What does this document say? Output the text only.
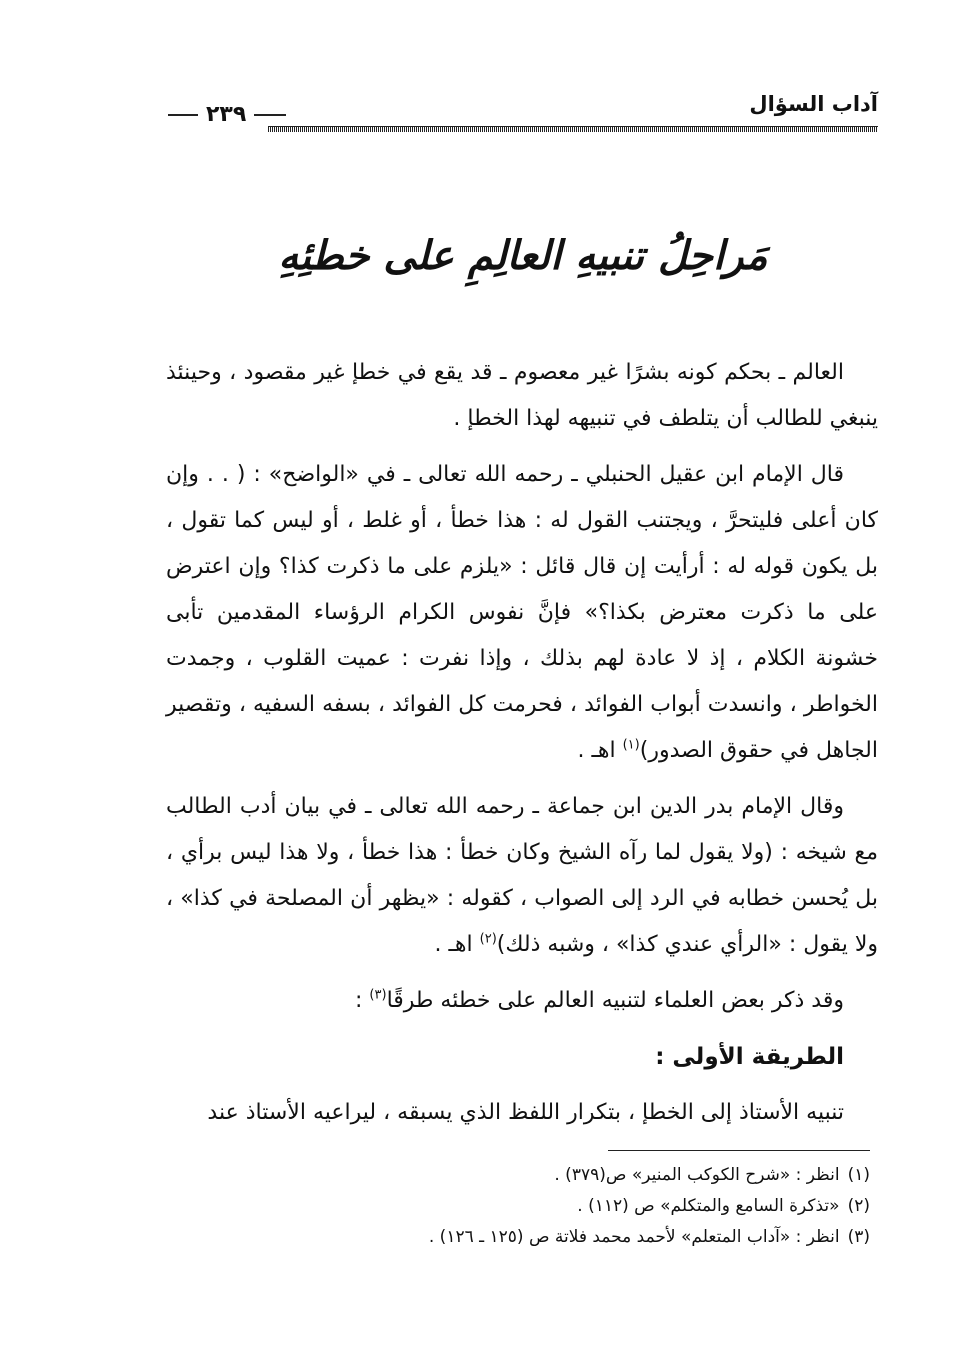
آداب السؤال
٢٣٩
مَراحِلُ تنبيهِ العالِمِ على خطئِهِ

العالم ـ بحكم كونه بشرًا غير معصوم ـ قد يقع في خطإ غير مقصود ، وحينئذ ينبغي للطالب أن يتلطف في تنبيهه لهذا الخطإ .

قال الإمام ابن عقيل الحنبلي ـ رحمه الله تعالى ـ في «الواضح» : ( . . وإن كان أعلى فليتحرَّ ، ويجتنب القول له : هذا خطأ ، أو غلط ، أو ليس كما تقول ، بل يكون قوله له : أرأيت إن قال قائل : «يلزم على ما ذكرت كذا؟ وإن اعترض على ما ذكرت معترض بكذا؟» فإنَّ نفوس الكرام الرؤساء المقدمين تأبى خشونة الكلام ، إذ لا عادة لهم بذلك ، وإذا نفرت : عميت القلوب ، وجمدت الخواطر ، وانسدت أبواب الفوائد ، فحرمت كل الفوائد ، بسفه السفيه ، وتقصير الجاهل في حقوق الصدور)$^{(١)}$ اهـ .

وقال الإمام بدر الدين ابن جماعة ـ رحمه الله تعالى ـ في بيان أدب الطالب مع شيخه : (ولا يقول لما رآه الشيخ وكان خطأ : هذا خطأ ، ولا هذا ليس برأي ، بل يُحسن خطابه في الرد إلى الصواب ، كقوله : «يظهر أن المصلحة في كذا» ، ولا يقول : «الرأي عندي كذا» ، وشبه ذلك)$^{(٢)}$ اهـ .

وقد ذكر بعض العلماء لتنبيه العالم على خطئه طرقًا$^{(٣)}$ :

الطريقة الأولى :

تنبيه الأستاذ إلى الخطإ ، بتكرار اللفظ الذي يسبقه ، ليراعيه الأستاذ عند

(١)انظر : «شرح الكوكب المنير» ص(٣٧٩) .
(٢)«تذكرة السامع والمتكلم» ص (١١٢) .
(٣)انظر : «آداب المتعلم» لأحمد محمد فلاتة ص (١٢٥ ـ ١٢٦) .
